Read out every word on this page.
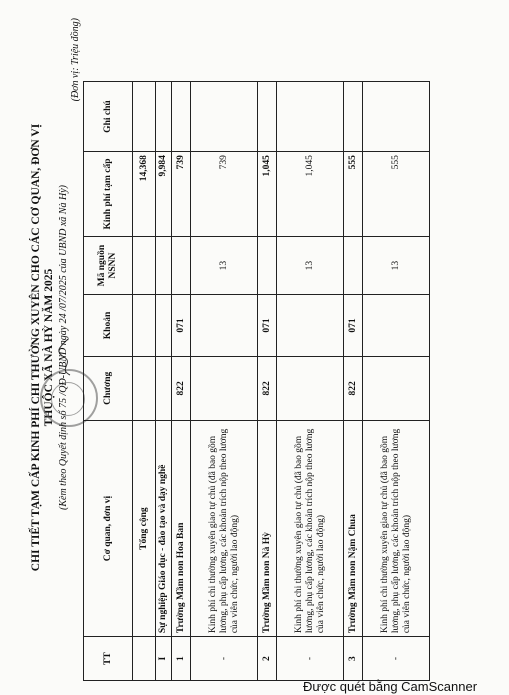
CHI TIẾT TẠM CẤP KINH PHÍ CHI THƯỜNG XUYÊN CHO CÁC CƠ QUAN, ĐƠN VỊ THUỘC XÃ NÀ HỲ NĂM 2025 (Kèm theo Quyết định số 75 /QĐ-UBND ngày 24 /07/2025 của UBND xã Nà Hỳ)
(Đơn vị: Triệu đồng)
TT	Cơ quan, đơn vị	Chương	Khoản	Mã nguồn NSNN	Kinh phí tạm cấp	Ghi chú
	Tổng cộng				14,368	
I	Sự nghiệp Giáo dục - đào tạo và dạy nghề				9,984	
1	Trường Mầm non Hoa Ban	822	071		739	
-	Kinh phí chi thường xuyên giao tự chủ (đã bao gồm lương, phụ cấp lương, các khoản trích nộp theo lương của viên chức, người lao động)			13	739	
2	Trường Mầm non Nà Hỳ	822	071		1,045	
-	Kinh phí chi thường xuyên giao tự chủ (đã bao gồm lương, phụ cấp lương, các khoản trích nộp theo lương của viên chức, người lao động)			13	1,045	
3	Trường Mầm non Nậm Chua	822	071		555	
-	Kinh phí chi thường xuyên giao tự chủ (đã bao gồm lương, phụ cấp lương, các khoản trích nộp theo lương của viên chức, người lao động)			13	555	
Được quét bằng CamScanner
